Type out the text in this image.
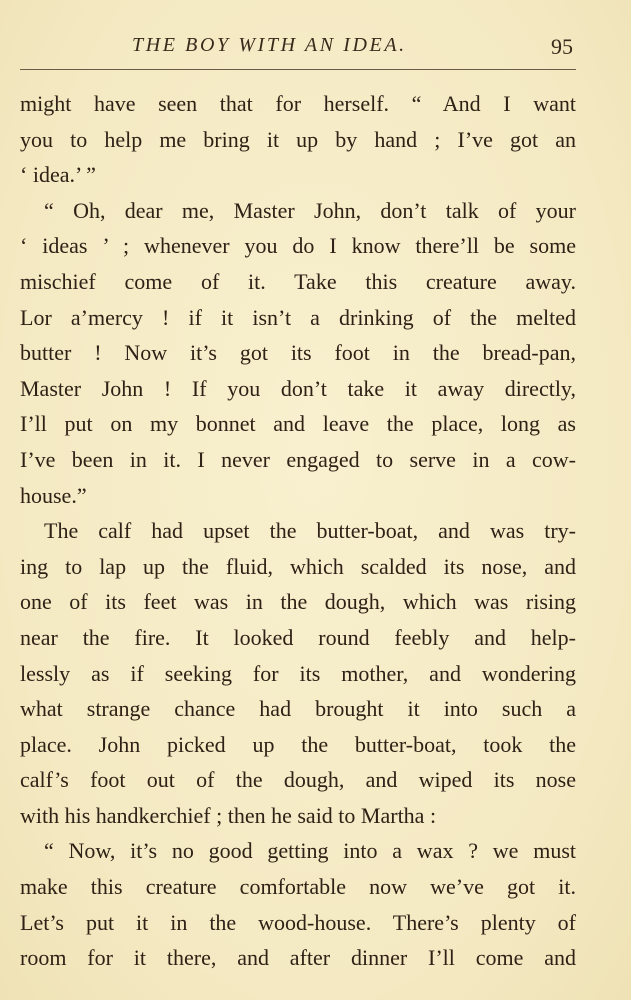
THE BOY WITH AN IDEA.	95
might have seen that for herself. “ And I want
you to help me bring it up by hand ; I’ve got an
‘ idea.’ ”
“ Oh, dear me, Master John, don’t talk of your
‘ ideas ’ ; whenever you do I know there’ll be some
mischief come of it. Take this creature away.
Lor a’mercy ! if it isn’t a drinking of the melted
butter ! Now it’s got its foot in the bread-pan,
Master John ! If you don’t take it away directly,
I’ll put on my bonnet and leave the place, long as
I’ve been in it. I never engaged to serve in a cow-
house.”
The calf had upset the butter-boat, and was try-
ing to lap up the fluid, which scalded its nose, and
one of its feet was in the dough, which was rising
near the fire. It looked round feebly and help-
lessly as if seeking for its mother, and wondering
what strange chance had brought it into such a
place. John picked up the butter-boat, took the
calf’s foot out of the dough, and wiped its nose
with his handkerchief ; then he said to Martha :
“ Now, it’s no good getting into a wax ? we must
make this creature comfortable now we’ve got it.
Let’s put it in the wood-house. There’s plenty of
room for it there, and after dinner I’ll come and
